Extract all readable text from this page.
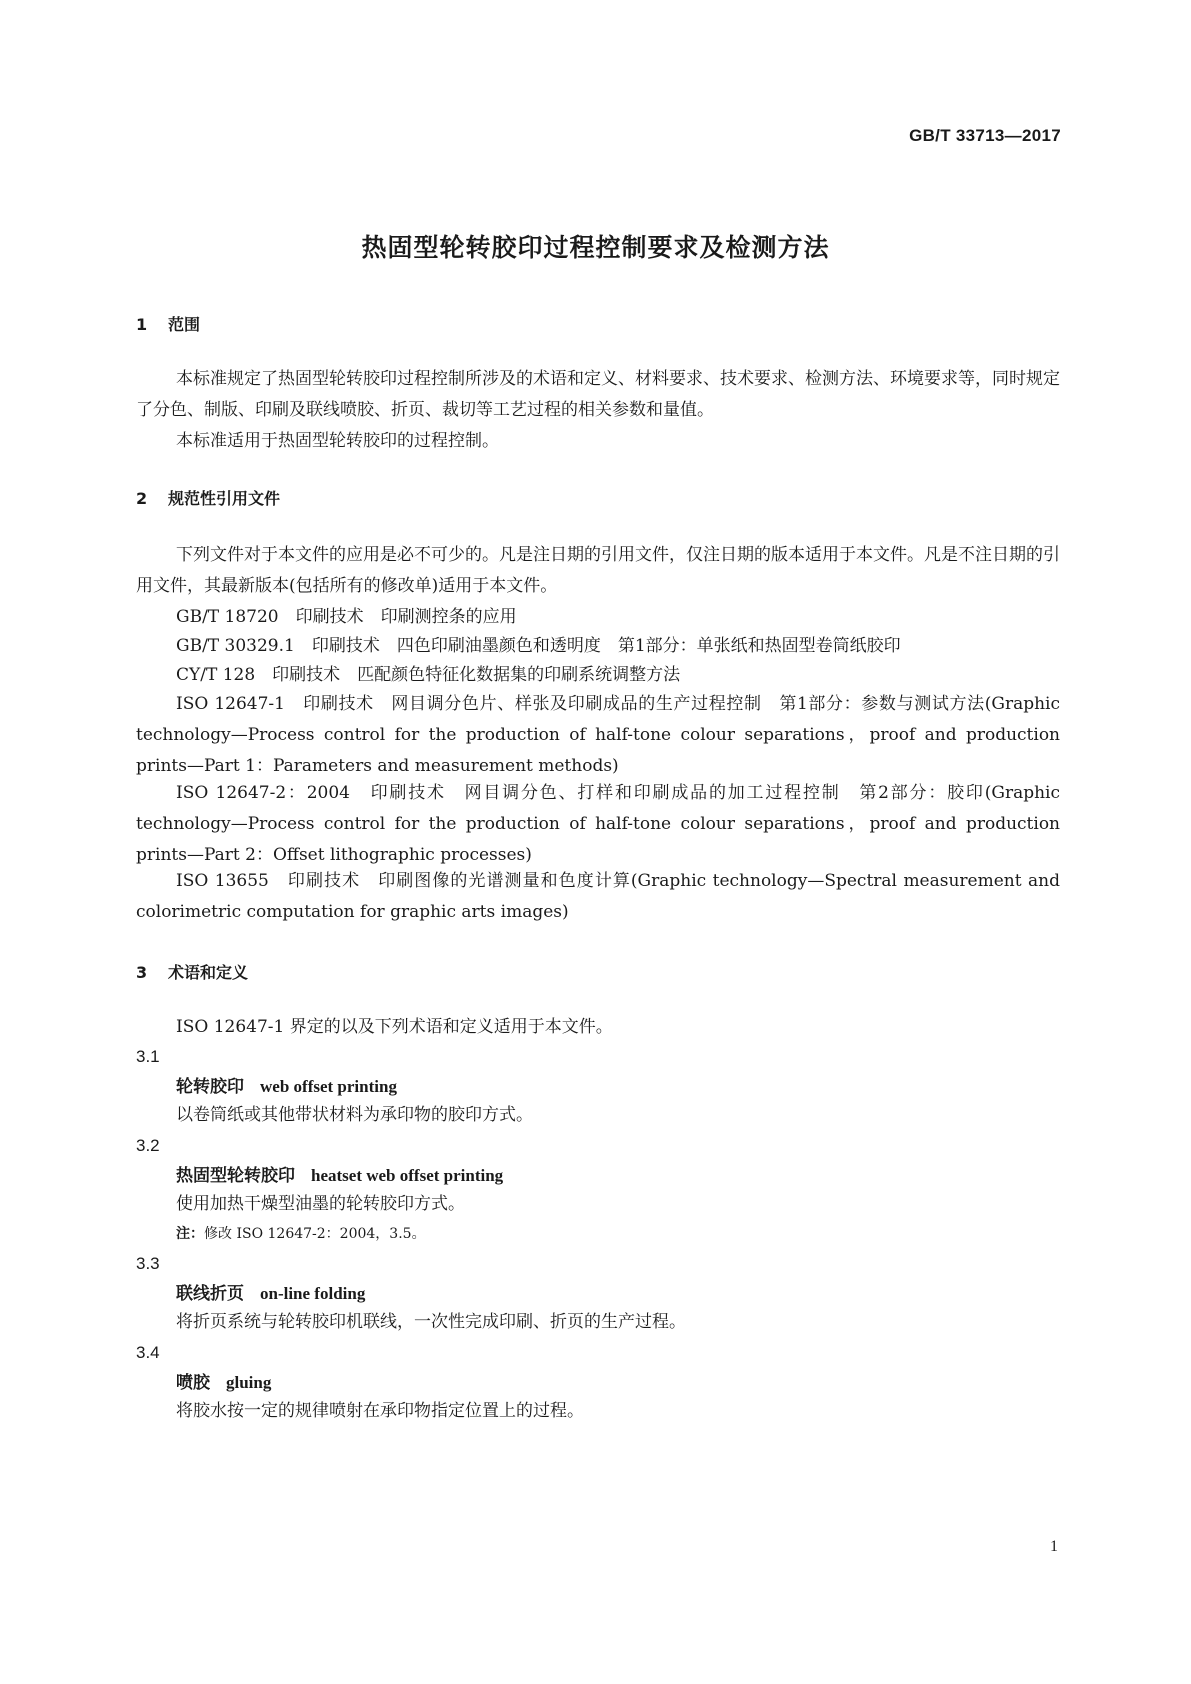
GB/T 33713—2017
热固型轮转胶印过程控制要求及检测方法
1 范围

本标准规定了热固型轮转胶印过程控制所涉及的术语和定义、材料要求、技术要求、检测方法、环境要求等，同时规定了分色、制版、印刷及联线喷胶、折页、裁切等工艺过程的相关参数和量值。

本标准适用于热固型轮转胶印的过程控制。

2 规范性引用文件

下列文件对于本文件的应用是必不可少的。凡是注日期的引用文件，仅注日期的版本适用于本文件。凡是不注日期的引用文件，其最新版本(包括所有的修改单)适用于本文件。

GB/T 18720　印刷技术　印刷测控条的应用

GB/T 30329.1　印刷技术　四色印刷油墨颜色和透明度　第1部分：单张纸和热固型卷筒纸胶印

CY/T 128　印刷技术　匹配颜色特征化数据集的印刷系统调整方法

ISO 12647-1　印刷技术　网目调分色片、样张及印刷成品的生产过程控制　第1部分：参数与测试方法(Graphic technology—Process control for the production of half-tone colour separations，proof and production prints—Part 1：Parameters and measurement methods)

ISO 12647-2：2004　印刷技术　网目调分色、打样和印刷成品的加工过程控制　第2部分：胶印(Graphic technology—Process control for the production of half-tone colour separations，proof and production prints—Part 2：Offset lithographic processes)

ISO 13655　印刷技术　印刷图像的光谱测量和色度计算(Graphic technology—Spectral measurement and colorimetric computation for graphic arts images)

3 术语和定义

ISO 12647-1 界定的以及下列术语和定义适用于本文件。

3.1

轮转胶印 web offset printing

以卷筒纸或其他带状材料为承印物的胶印方式。

3.2

热固型轮转胶印 heatset web offset printing

使用加热干燥型油墨的轮转胶印方式。

注：修改 ISO 12647-2：2004，3.5。

3.3

联线折页 on-line folding

将折页系统与轮转胶印机联线，一次性完成印刷、折页的生产过程。

3.4

喷胶 gluing

将胶水按一定的规律喷射在承印物指定位置上的过程。

1
